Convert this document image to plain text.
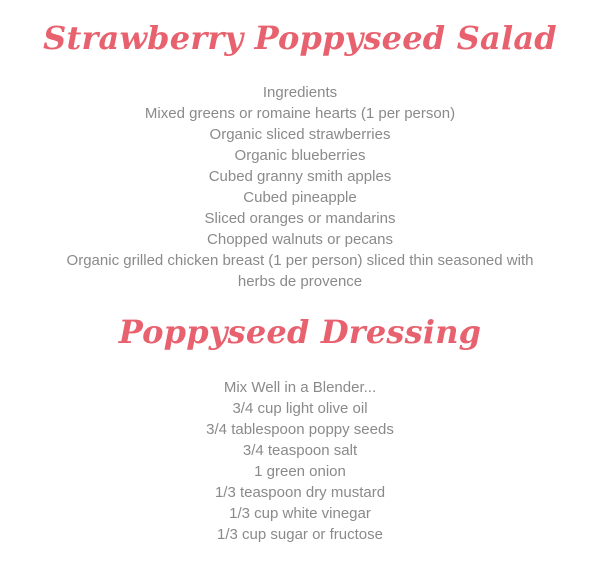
Strawberry Poppyseed Salad
Ingredients
Mixed greens or romaine hearts (1 per person)
Organic sliced strawberries
Organic blueberries
Cubed granny smith apples
Cubed pineapple
Sliced oranges or mandarins
Chopped walnuts or pecans
Organic grilled chicken breast (1 per person) sliced thin seasoned with
herbs de provence
Poppyseed Dressing
Mix Well in a Blender...
3/4 cup light olive oil
3/4 tablespoon poppy seeds
3/4 teaspoon salt
1 green onion
1/3 teaspoon dry mustard
1/3 cup white vinegar
1/3 cup sugar or fructose
